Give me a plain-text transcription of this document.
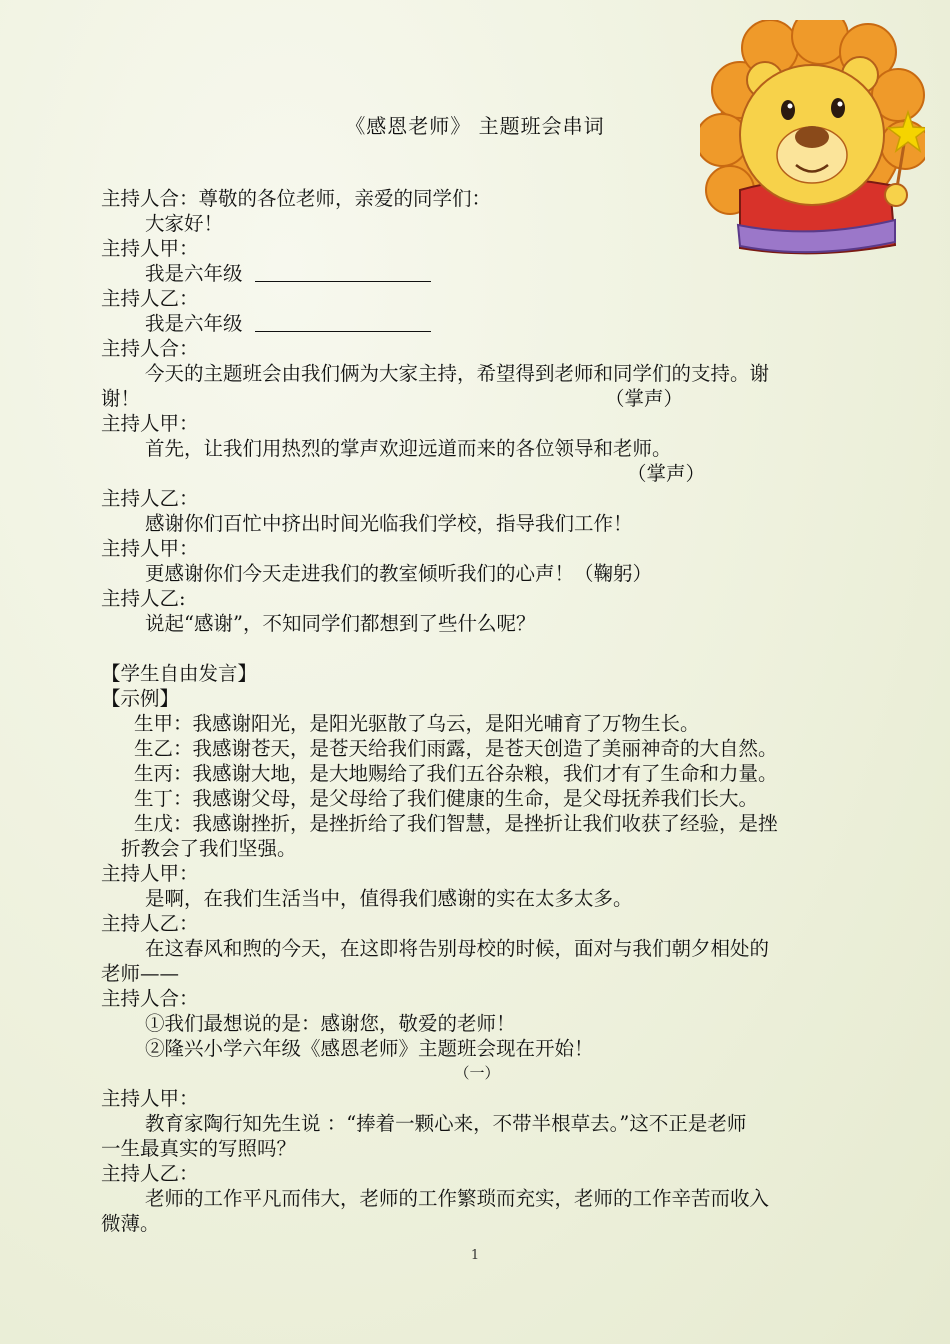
《感恩老师》 主题班会串词
主持人合：尊敬的各位老师，亲爱的同学们：
大家好！
主持人甲：
我是六年级
主持人乙：
我是六年级
主持人合：
今天的主题班会由我们俩为大家主持，希望得到老师和同学们的支持。谢
谢！	（掌声）
主持人甲：
首先，让我们用热烈的掌声欢迎远道而来的各位领导和老师。
（掌声）
主持人乙：
感谢你们百忙中挤出时间光临我们学校，指导我们工作！
主持人甲：
更感谢你们今天走进我们的教室倾听我们的心声！（鞠躬）
主持人乙:
说起“感谢”，不知同学们都想到了些什么呢？
【学生自由发言】
【示例】
生甲：我感谢阳光，是阳光驱散了乌云，是阳光哺育了万物生长。
生乙：我感谢苍天，是苍天给我们雨露，是苍天创造了美丽神奇的大自然。
生丙：我感谢大地，是大地赐给了我们五谷杂粮，我们才有了生命和力量。
生丁：我感谢父母，是父母给了我们健康的生命，是父母抚养我们长大。
生戊：我感谢挫折，是挫折给了我们智慧，是挫折让我们收获了经验，是挫
折教会了我们坚强。
主持人甲：
是啊，在我们生活当中，值得我们感谢的实在太多太多。
主持人乙：
在这春风和煦的今天，在这即将告别母校的时候，面对与我们朝夕相处的
老师——
主持人合：
①我们最想说的是：感谢您，敬爱的老师！
②隆兴小学六年级《感恩老师》主题班会现在开始！
（一）
主持人甲：
教育家陶行知先生说 ：“捧着一颗心来，不带半根草去。”这不正是老师
一生最真实的写照吗？
主持人乙：
老师的工作平凡而伟大，老师的工作繁琐而充实，老师的工作辛苦而收入
微薄。
1
